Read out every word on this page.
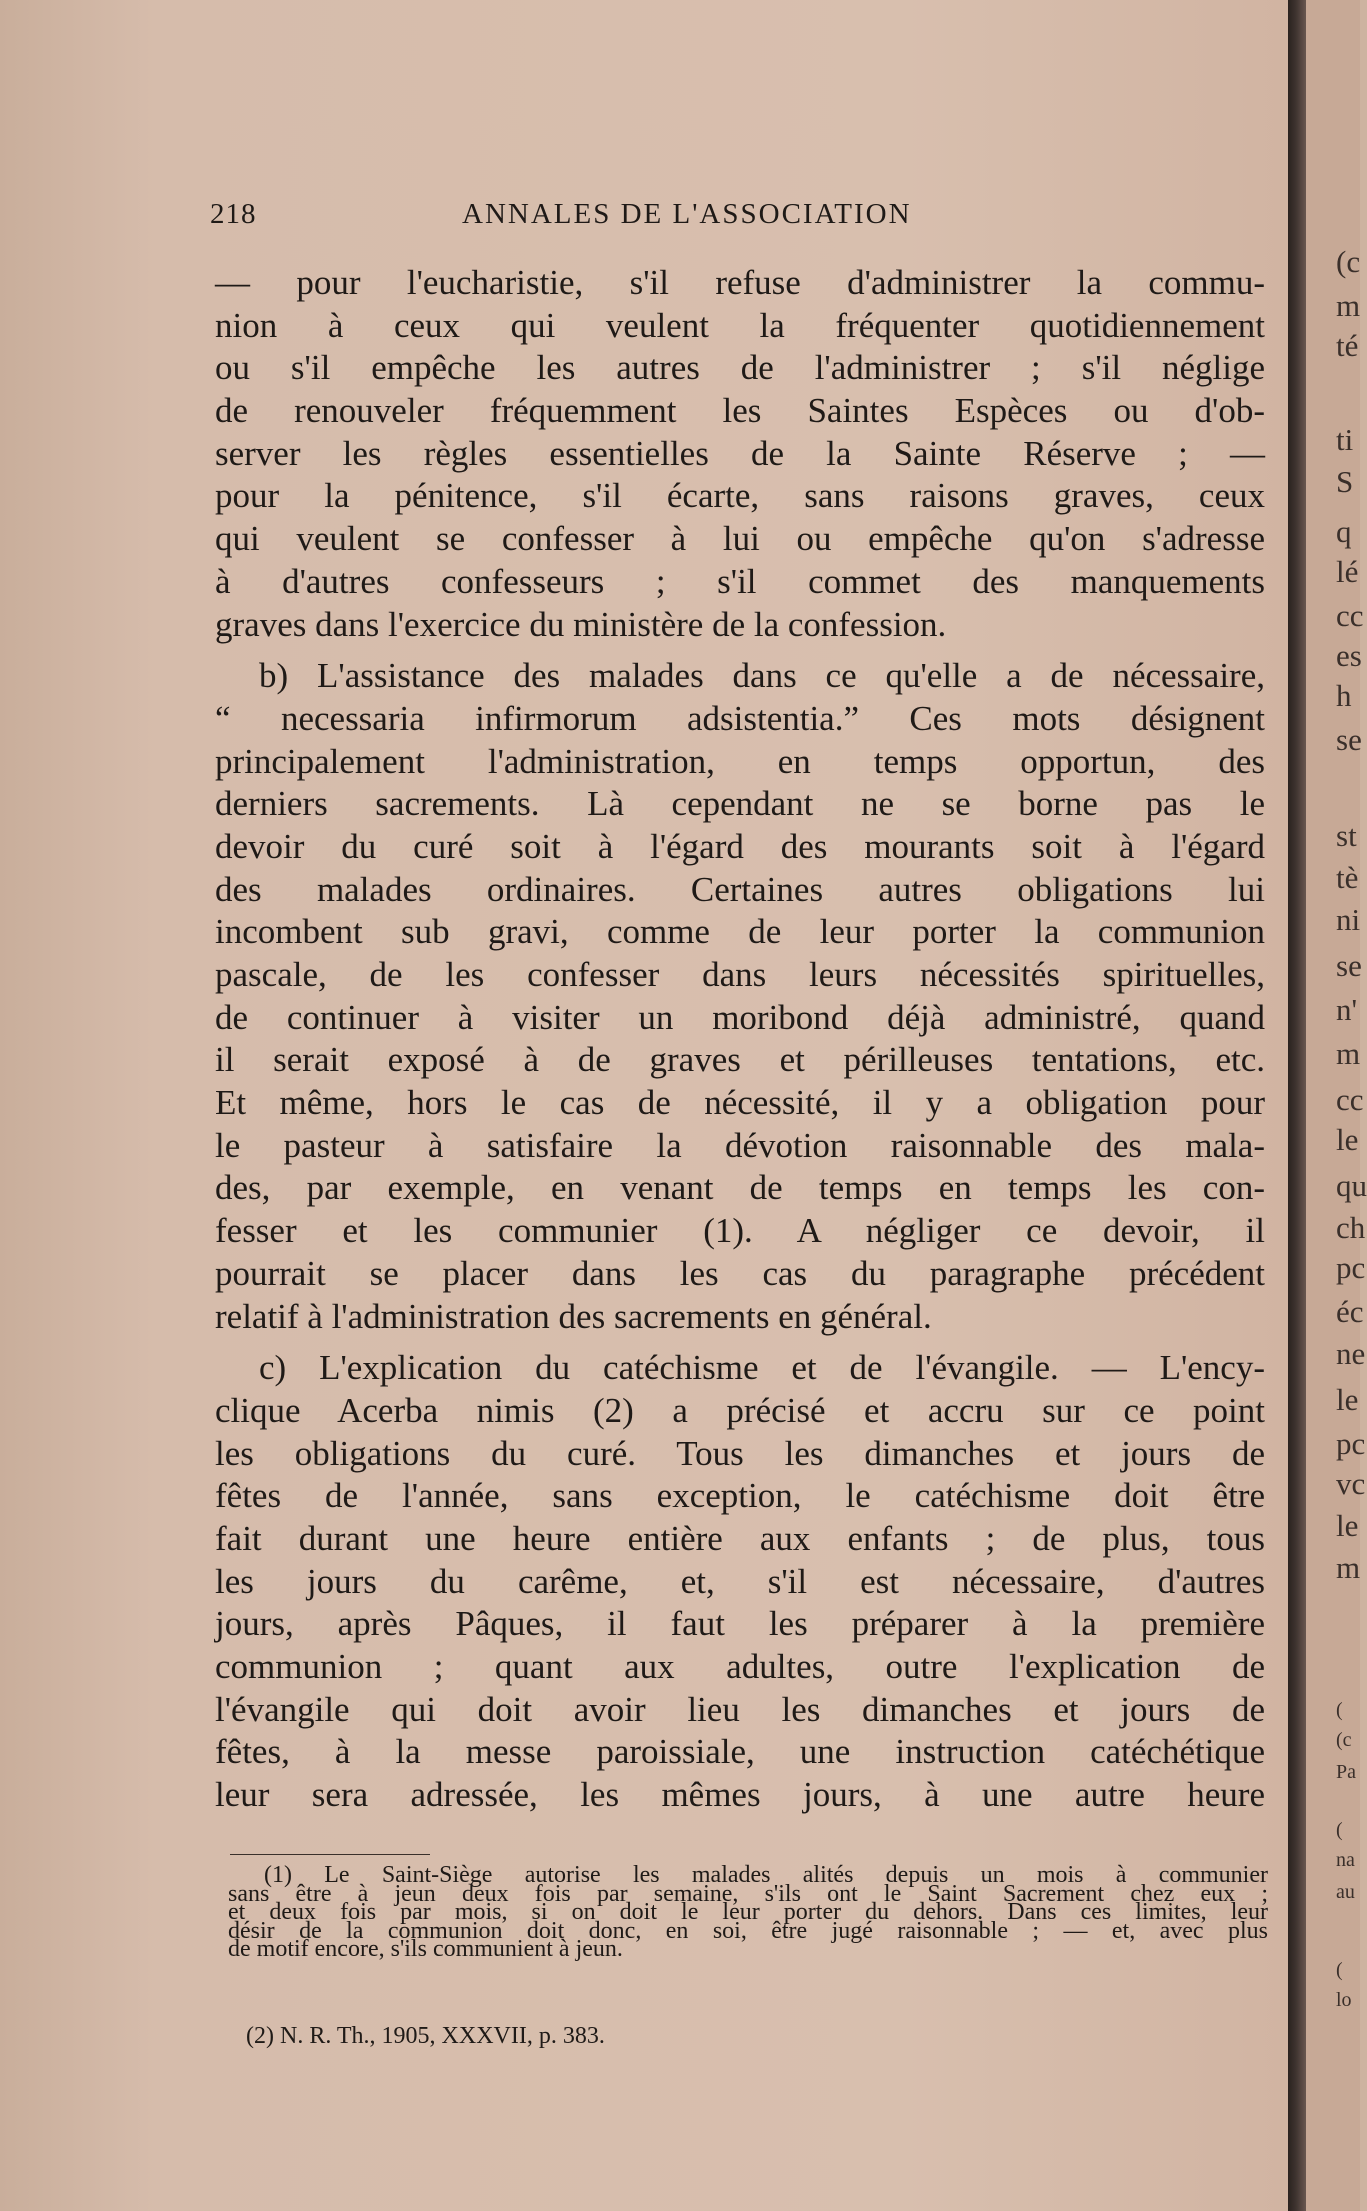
218	ANNALES DE L'ASSOCIATION
— pour l'eucharistie, s'il refuse d'administrer la commu-
nion à ceux qui veulent la fréquenter quotidiennement
ou s'il empêche les autres de l'administrer ; s'il néglige
de renouveler fréquemment les Saintes Espèces ou d'ob-
server les règles essentielles de la Sainte Réserve ; —
pour la pénitence, s'il écarte, sans raisons graves, ceux
qui veulent se confesser à lui ou empêche qu'on s'adresse
à d'autres confesseurs ; s'il commet des manquements
graves dans l'exercice du ministère de la confession.
b) L'assistance des malades dans ce qu'elle a de nécessaire,
“ necessaria infirmorum adsistentia.” Ces mots désignent
principalement l'administration, en temps opportun, des
derniers sacrements. Là cependant ne se borne pas le
devoir du curé soit à l'égard des mourants soit à l'égard
des malades ordinaires. Certaines autres obligations lui
incombent sub gravi, comme de leur porter la communion
pascale, de les confesser dans leurs nécessités spirituelles,
de continuer à visiter un moribond déjà administré, quand
il serait exposé à de graves et périlleuses tentations, etc.
Et même, hors le cas de nécessité, il y a obligation pour
le pasteur à satisfaire la dévotion raisonnable des mala-
des, par exemple, en venant de temps en temps les con-
fesser et les communier (1). A négliger ce devoir, il
pourrait se placer dans les cas du paragraphe précédent
relatif à l'administration des sacrements en général.
c) L'explication du catéchisme et de l'évangile. — L'ency-
clique Acerba nimis (2) a précisé et accru sur ce point
les obligations du curé. Tous les dimanches et jours de
fêtes de l'année, sans exception, le catéchisme doit être
fait durant une heure entière aux enfants ; de plus, tous
les jours du carême, et, s'il est nécessaire, d'autres
jours, après Pâques, il faut les préparer à la première
communion ; quant aux adultes, outre l'explication de
l'évangile qui doit avoir lieu les dimanches et jours de
fêtes, à la messe paroissiale, une instruction catéchétique
leur sera adressée, les mêmes jours, à une autre heure
(1) Le Saint-Siège autorise les malades alités depuis un mois à communier
sans être à jeun deux fois par semaine, s'ils ont le Saint Sacrement chez eux ;
et deux fois par mois, si on doit le leur porter du dehors. Dans ces limites, leur
désir de la communion doit donc, en soi, être jugé raisonnable ; — et, avec plus
de motif encore, s'ils communient à jeun.
(2) N. R. Th., 1905, XXXVII, p. 383.
(c
m
té
ti
S
q
lé
cc
es
h
se
st
tè
ni
se
n'
m
cc
le
qu
ch
pc
éc
ne
le
pc
vc
le
m
(
(c
Pa
(
na
au
(
lo
